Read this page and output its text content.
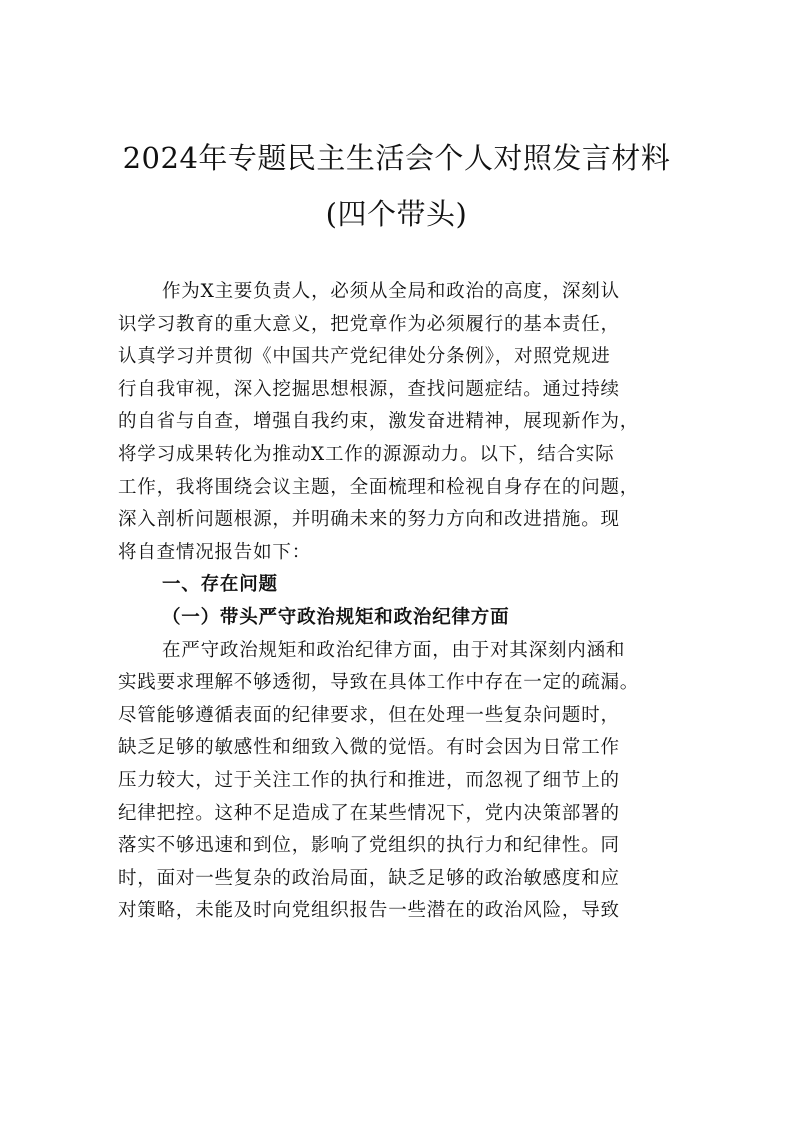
2024年专题民主生活会个人对照发言材料
(四个带头)
作为X主要负责人，必须从全局和政治的高度，深刻认
识学习教育的重大意义，把党章作为必须履行的基本责任，
认真学习并贯彻《中国共产党纪律处分条例》，对照党规进
行自我审视，深入挖掘思想根源，查找问题症结。通过持续
的自省与自查，增强自我约束，激发奋进精神，展现新作为，
将学习成果转化为推动X工作的源源动力。以下，结合实际
工作，我将围绕会议主题，全面梳理和检视自身存在的问题，
深入剖析问题根源，并明确未来的努力方向和改进措施。现
将自查情况报告如下：
一、存在问题
（一）带头严守政治规矩和政治纪律方面
在严守政治规矩和政治纪律方面，由于对其深刻内涵和
实践要求理解不够透彻，导致在具体工作中存在一定的疏漏。
尽管能够遵循表面的纪律要求，但在处理一些复杂问题时，
缺乏足够的敏感性和细致入微的觉悟。有时会因为日常工作
压力较大，过于关注工作的执行和推进，而忽视了细节上的
纪律把控。这种不足造成了在某些情况下，党内决策部署的
落实不够迅速和到位，影响了党组织的执行力和纪律性。同
时，面对一些复杂的政治局面，缺乏足够的政治敏感度和应
对策略，未能及时向党组织报告一些潜在的政治风险，导致
